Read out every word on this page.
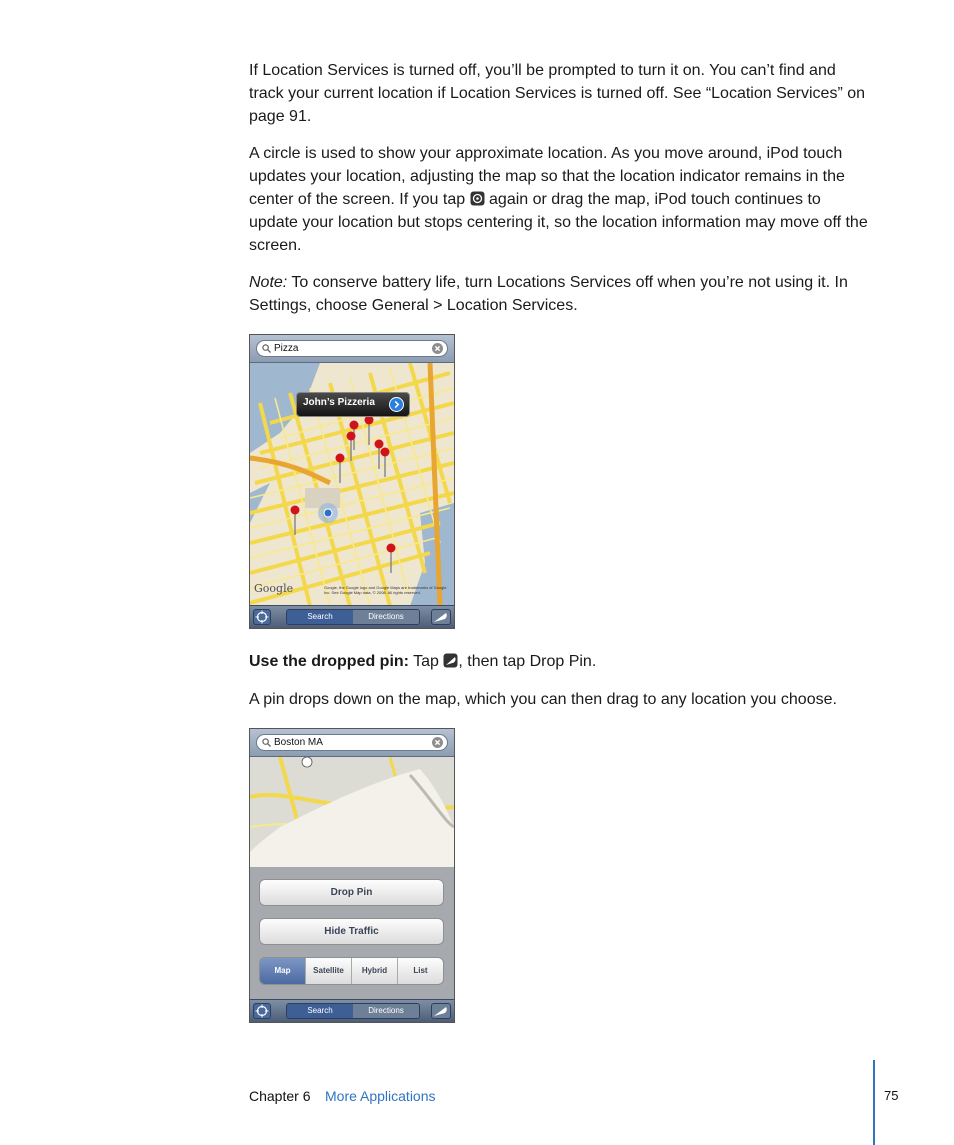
If Location Services is turned off, you’ll be prompted to turn it on. You can’t find and track your current location if Location Services is turned off. See “Location Services” on page 91.

A circle is used to show your approximate location. As you move around, iPod touch updates your location, adjusting the map so that the location indicator remains in the center of the screen. If you tap again or drag the map, iPod touch continues to update your location but stops centering it, so the location information may move off the screen.

Note: To conserve battery life, turn Locations Services off when you’re not using it. In Settings, choose General > Location Services.

Pizza
John’s Pizzeria
Google	Google, the Google logo and Google Maps are trademarks of Google Inc. See Google Map data, © 2008. All rights reserved.
Search	Directions

Use the dropped pin: Tap , then tap Drop Pin.

A pin drops down on the map, which you can then drag to any location you choose.

Boston MA
Drop Pin
Hide Traffic
Map	Satellite	Hybrid	List
Search	Directions
Chapter 6 More Applications	75
